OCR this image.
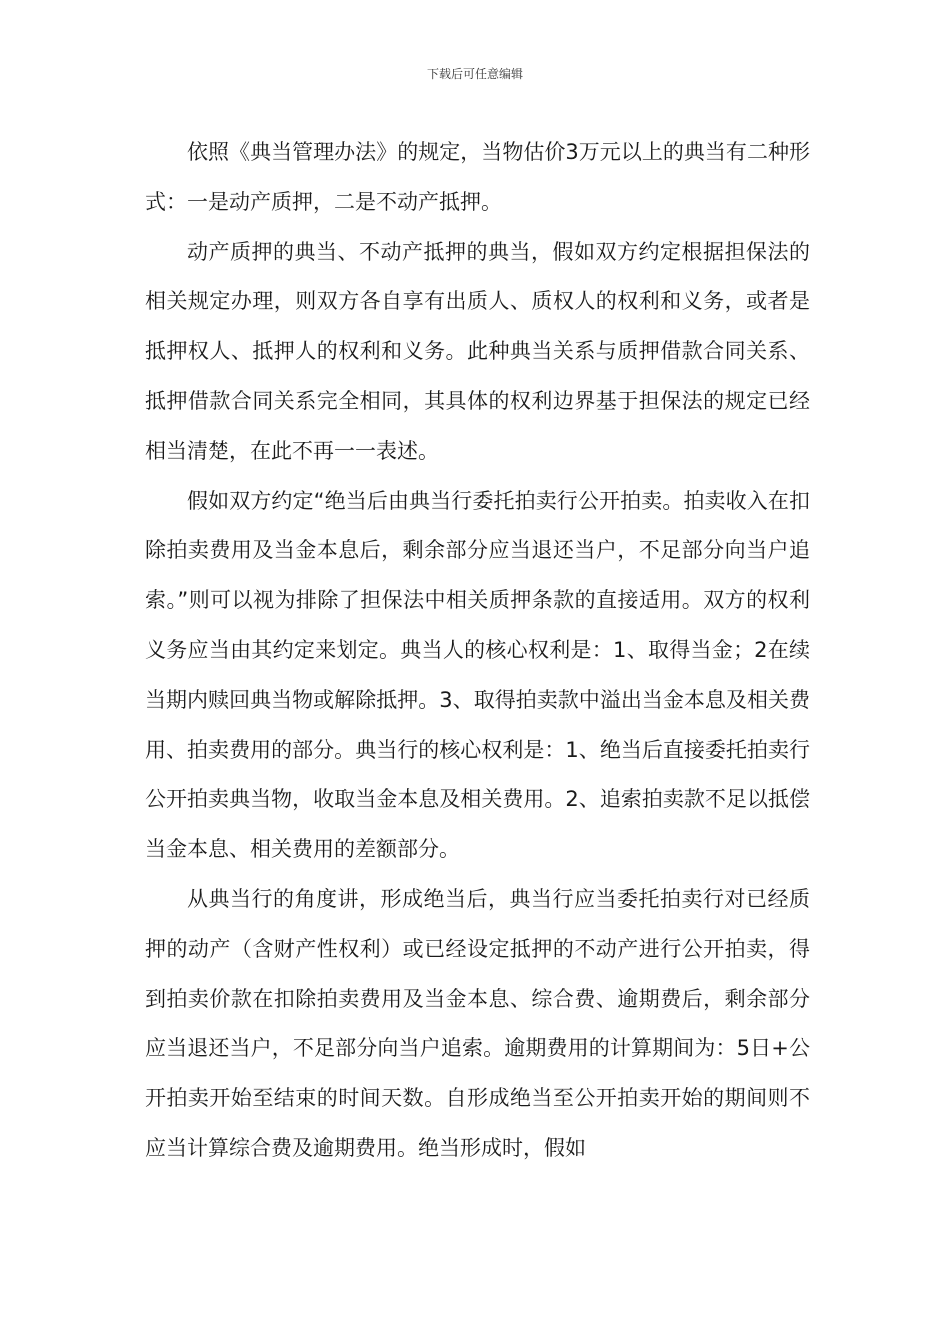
下载后可任意编辑

依照《典当管理办法》的规定，当物估价3万元以上的典当有二种形式：一是动产质押，二是不动产抵押。

动产质押的典当、不动产抵押的典当，假如双方约定根据担保法的相关规定办理，则双方各自享有出质人、质权人的权利和义务，或者是抵押权人、抵押人的权利和义务。此种典当关系与质押借款合同关系、抵押借款合同关系完全相同，其具体的权利边界基于担保法的规定已经相当清楚，在此不再一一表述。

假如双方约定“绝当后由典当行委托拍卖行公开拍卖。拍卖收入在扣除拍卖费用及当金本息后，剩余部分应当退还当户，不足部分向当户追索。”则可以视为排除了担保法中相关质押条款的直接适用。双方的权利义务应当由其约定来划定。典当人的核心权利是：1、取得当金；2在续当期内赎回典当物或解除抵押。3、取得拍卖款中溢出当金本息及相关费用、拍卖费用的部分。典当行的核心权利是：1、绝当后直接委托拍卖行公开拍卖典当物，收取当金本息及相关费用。2、追索拍卖款不足以抵偿当金本息、相关费用的差额部分。

从典当行的角度讲，形成绝当后，典当行应当委托拍卖行对已经质押的动产（含财产性权利）或已经设定抵押的不动产进行公开拍卖，得到拍卖价款在扣除拍卖费用及当金本息、综合费、逾期费后，剩余部分应当退还当户，不足部分向当户追索。逾期费用的计算期间为：5日+公开拍卖开始至结束的时间天数。自形成绝当至公开拍卖开始的期间则不应当计算综合费及逾期费用。绝当形成时，假如
